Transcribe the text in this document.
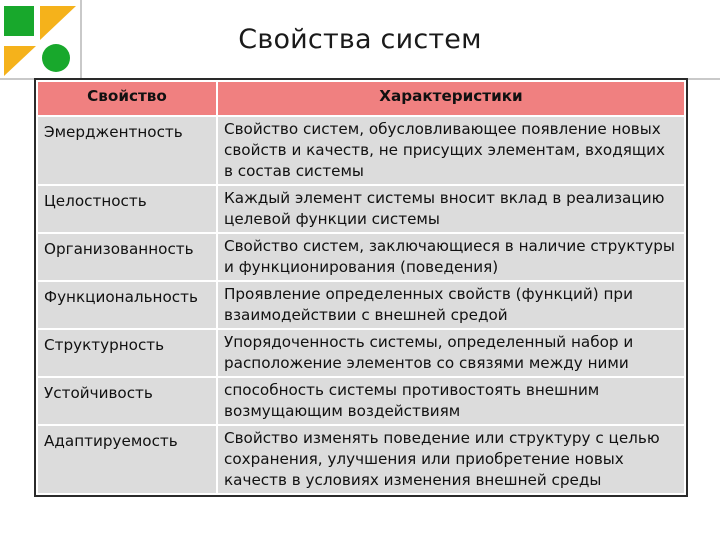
Свойства систем
Свойство	Характеристики
Эмерджентность	Свойство систем, обусловливающее появление новых свойств и качеств, не присущих элементам, входящих в состав системы
Целостность	Каждый элемент системы вносит вклад в реализацию целевой функции системы
Организованность	Свойство систем, заключающиеся в наличие структуры и функционирования (поведения)
Функциональность	Проявление определенных свойств (функций) при взаимодействии с внешней средой
Структурность	Упорядоченность системы, определенный набор и расположение элементов со связями между ними
Устойчивость	способность системы противостоять внешним возмущающим воздействиям
Адаптируемость	Свойство изменять поведение или структуру с целью сохранения, улучшения или приобретение новых качеств в условиях изменения внешней среды
